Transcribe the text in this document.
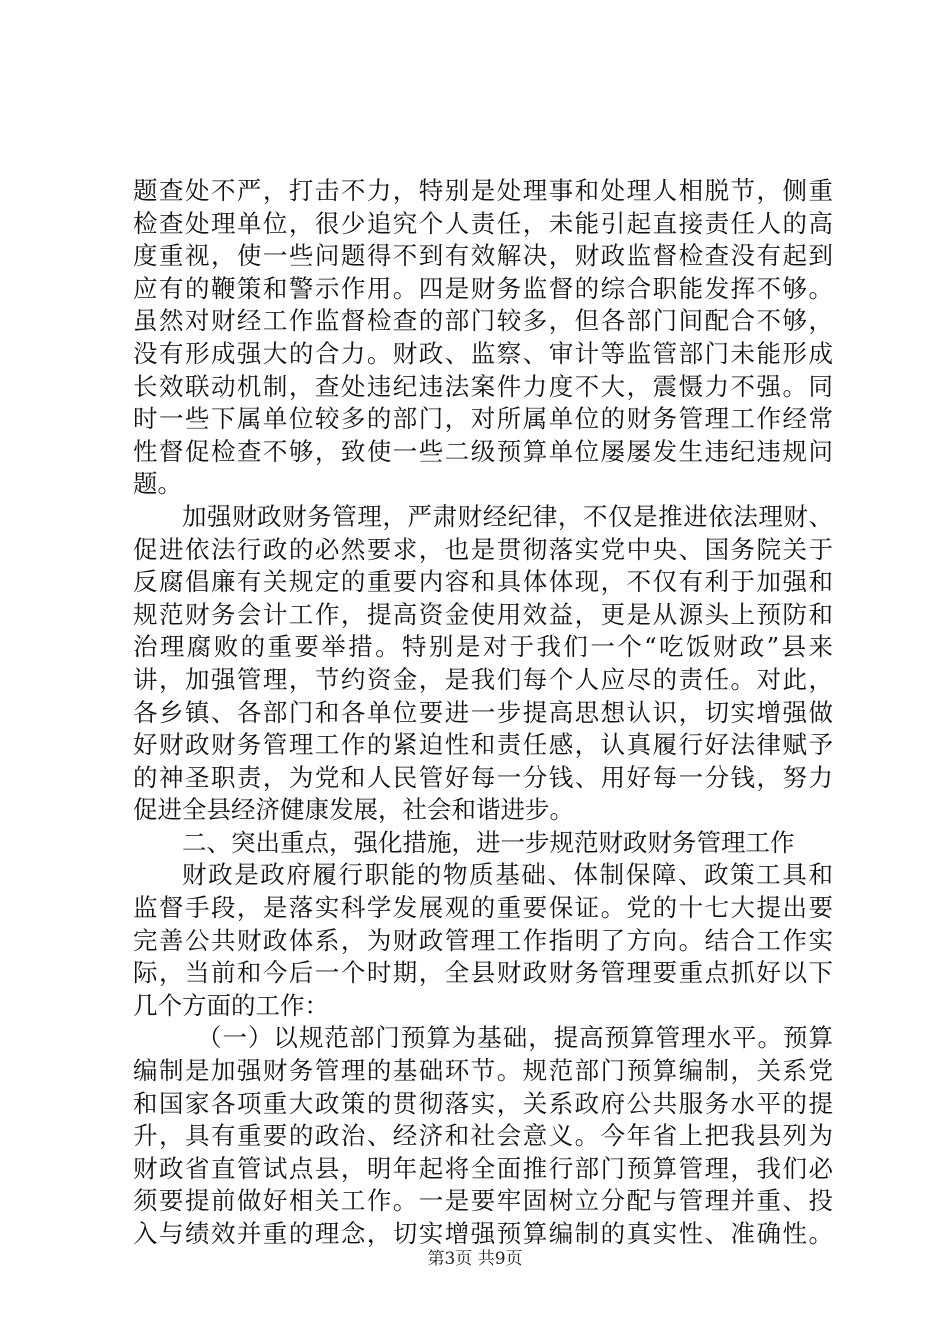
题查处不严，打击不力，特别是处理事和处理人相脱节，侧重
检查处理单位，很少追究个人责任，未能引起直接责任人的高
度重视，使一些问题得不到有效解决，财政监督检查没有起到
应有的鞭策和警示作用。四是财务监督的综合职能发挥不够。
虽然对财经工作监督检查的部门较多，但各部门间配合不够，
没有形成强大的合力。财政、监察、审计等监管部门未能形成
长效联动机制，查处违纪违法案件力度不大，震慑力不强。同
时一些下属单位较多的部门，对所属单位的财务管理工作经常
性督促检查不够，致使一些二级预算单位屡屡发生违纪违规问
题。
加强财政财务管理，严肃财经纪律，不仅是推进依法理财、
促进依法行政的必然要求，也是贯彻落实党中央、国务院关于
反腐倡廉有关规定的重要内容和具体体现，不仅有利于加强和
规范财务会计工作，提高资金使用效益，更是从源头上预防和
治理腐败的重要举措。特别是对于我们一个“吃饭财政”县来
讲，加强管理，节约资金，是我们每个人应尽的责任。对此，
各乡镇、各部门和各单位要进一步提高思想认识，切实增强做
好财政财务管理工作的紧迫性和责任感，认真履行好法律赋予
的神圣职责，为党和人民管好每一分钱、用好每一分钱，努力
促进全县经济健康发展，社会和谐进步。
二、突出重点，强化措施，进一步规范财政财务管理工作
财政是政府履行职能的物质基础、体制保障、政策工具和
监督手段，是落实科学发展观的重要保证。党的十七大提出要
完善公共财政体系，为财政管理工作指明了方向。结合工作实
际，当前和今后一个时期，全县财政财务管理要重点抓好以下
几个方面的工作：
（一）以规范部门预算为基础，提高预算管理水平。预算
编制是加强财务管理的基础环节。规范部门预算编制，关系党
和国家各项重大政策的贯彻落实，关系政府公共服务水平的提
升，具有重要的政治、经济和社会意义。今年省上把我县列为
财政省直管试点县，明年起将全面推行部门预算管理，我们必
须要提前做好相关工作。一是要牢固树立分配与管理并重、投
入与绩效并重的理念，切实增强预算编制的真实性、准确性。
第3页 共9页
